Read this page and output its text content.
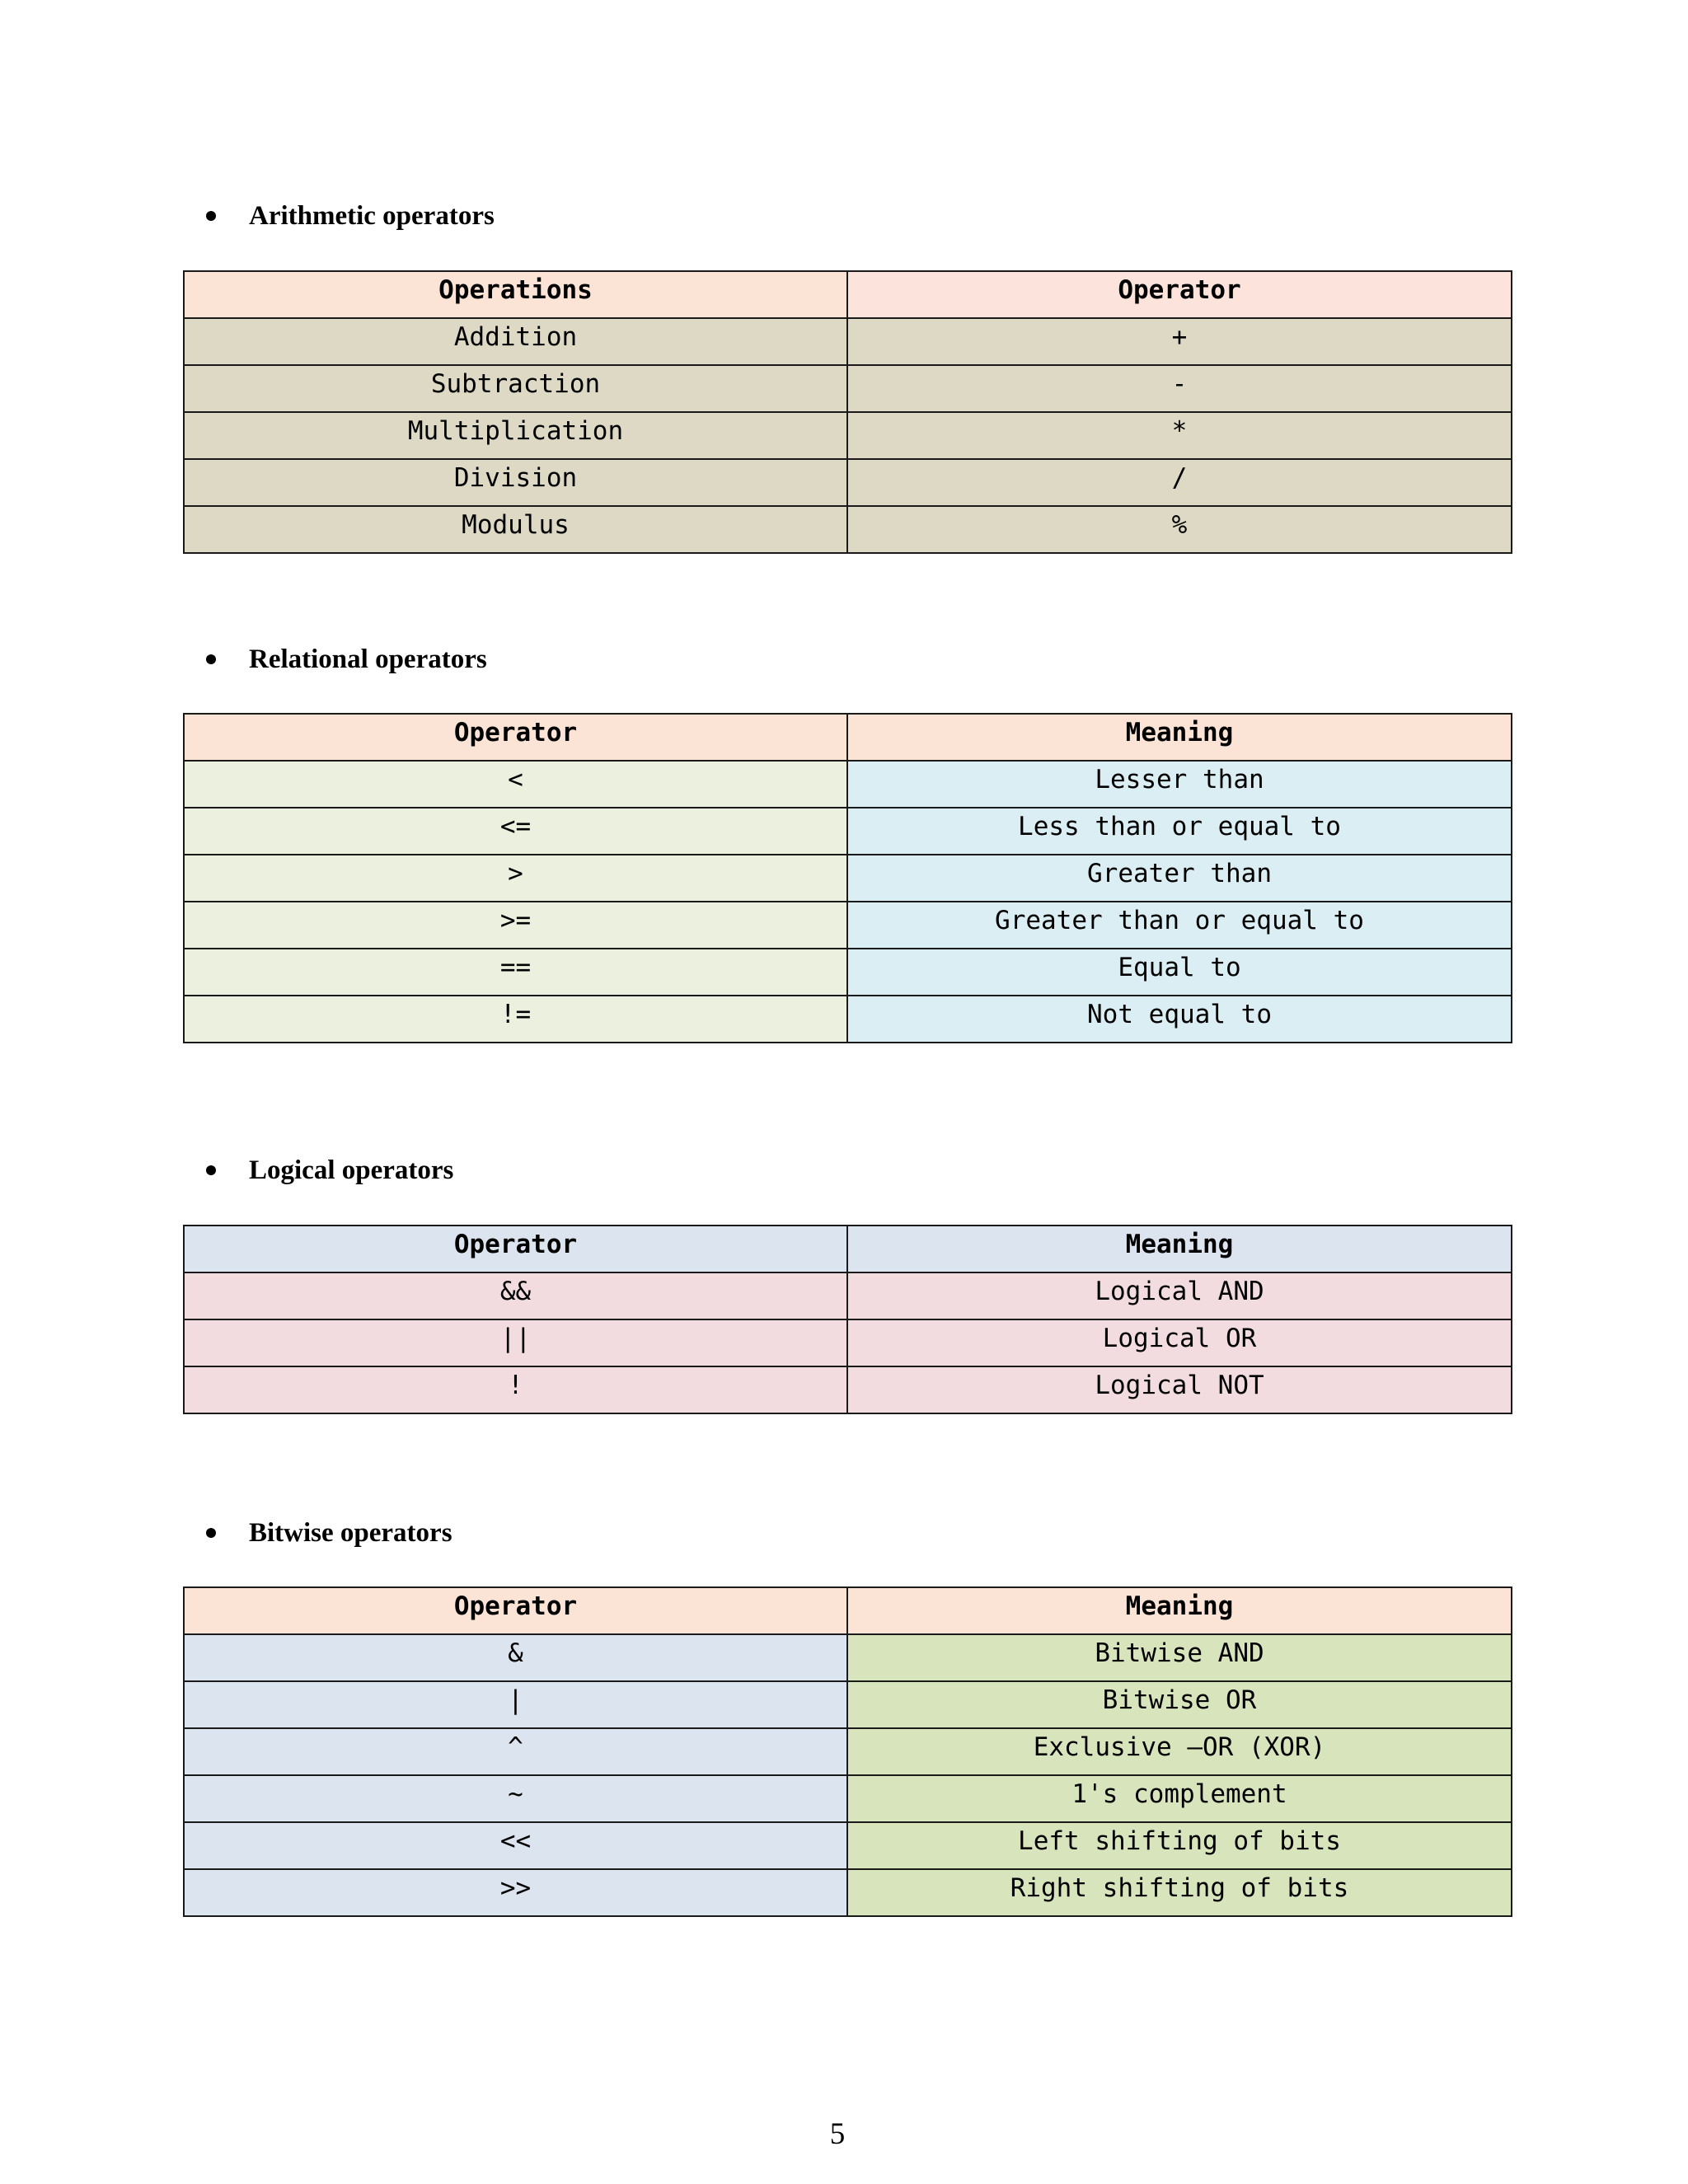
Arithmetic operators
Operations	Operator
Addition	+
Subtraction	-
Multiplication	*
Division	/
Modulus	%
Relational operators
Operator	Meaning
<	Lesser than
<=	Less than or equal to
>	Greater than
>=	Greater than or equal to
==	Equal to
!=	Not equal to
Logical operators
Operator	Meaning
&&	Logical AND
||	Logical OR
!	Logical NOT
Bitwise operators
Operator	Meaning
&	Bitwise AND
|	Bitwise OR
^	Exclusive –OR (XOR)
~	1's complement
<<	Left shifting of bits
>>	Right shifting of bits
5
